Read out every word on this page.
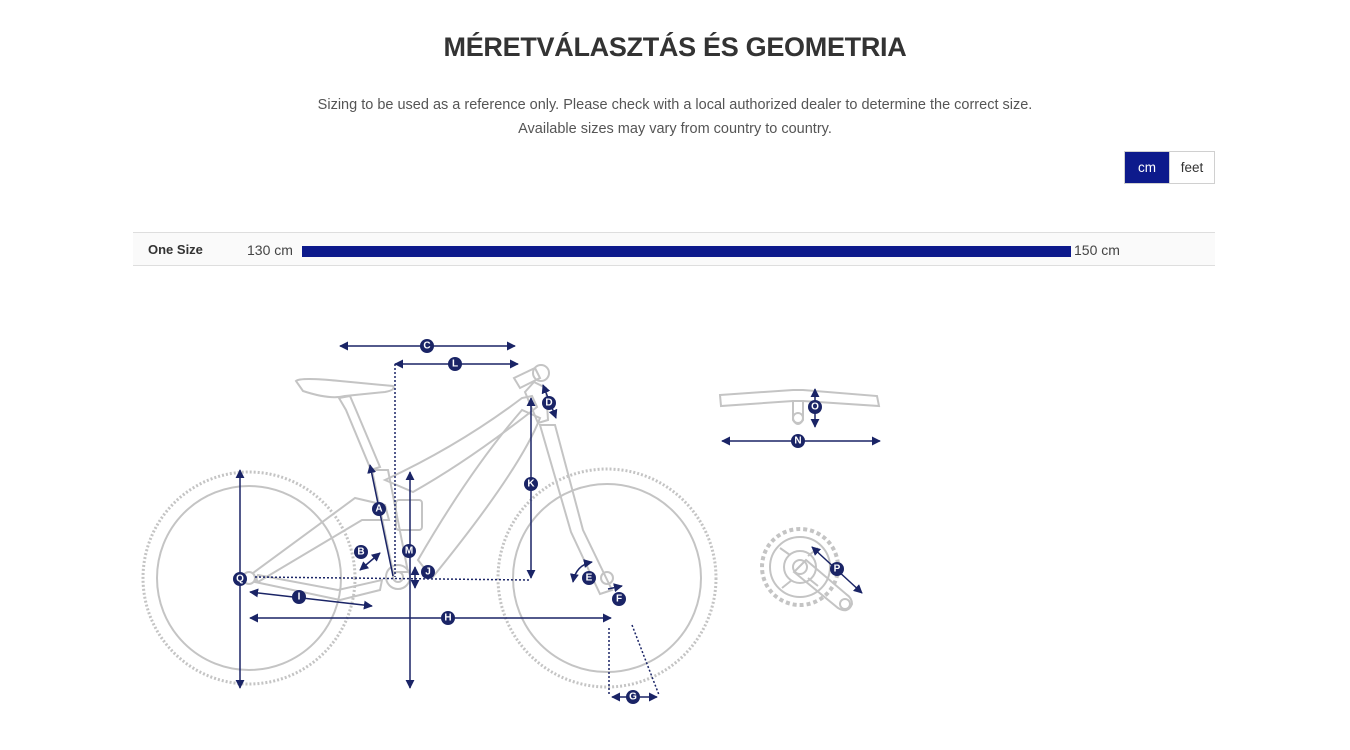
MÉRETVÁLASZTÁS ÉS GEOMETRIA
Sizing to be used as a reference only. Please check with a local authorized dealer to determine the correct size.
Available sizes may vary from country to country.
cm	feet
One Size	130 cm	150 cm
C
L
D
K
A
M
B
J
E
F
Q
I
H
G
O
N
P
